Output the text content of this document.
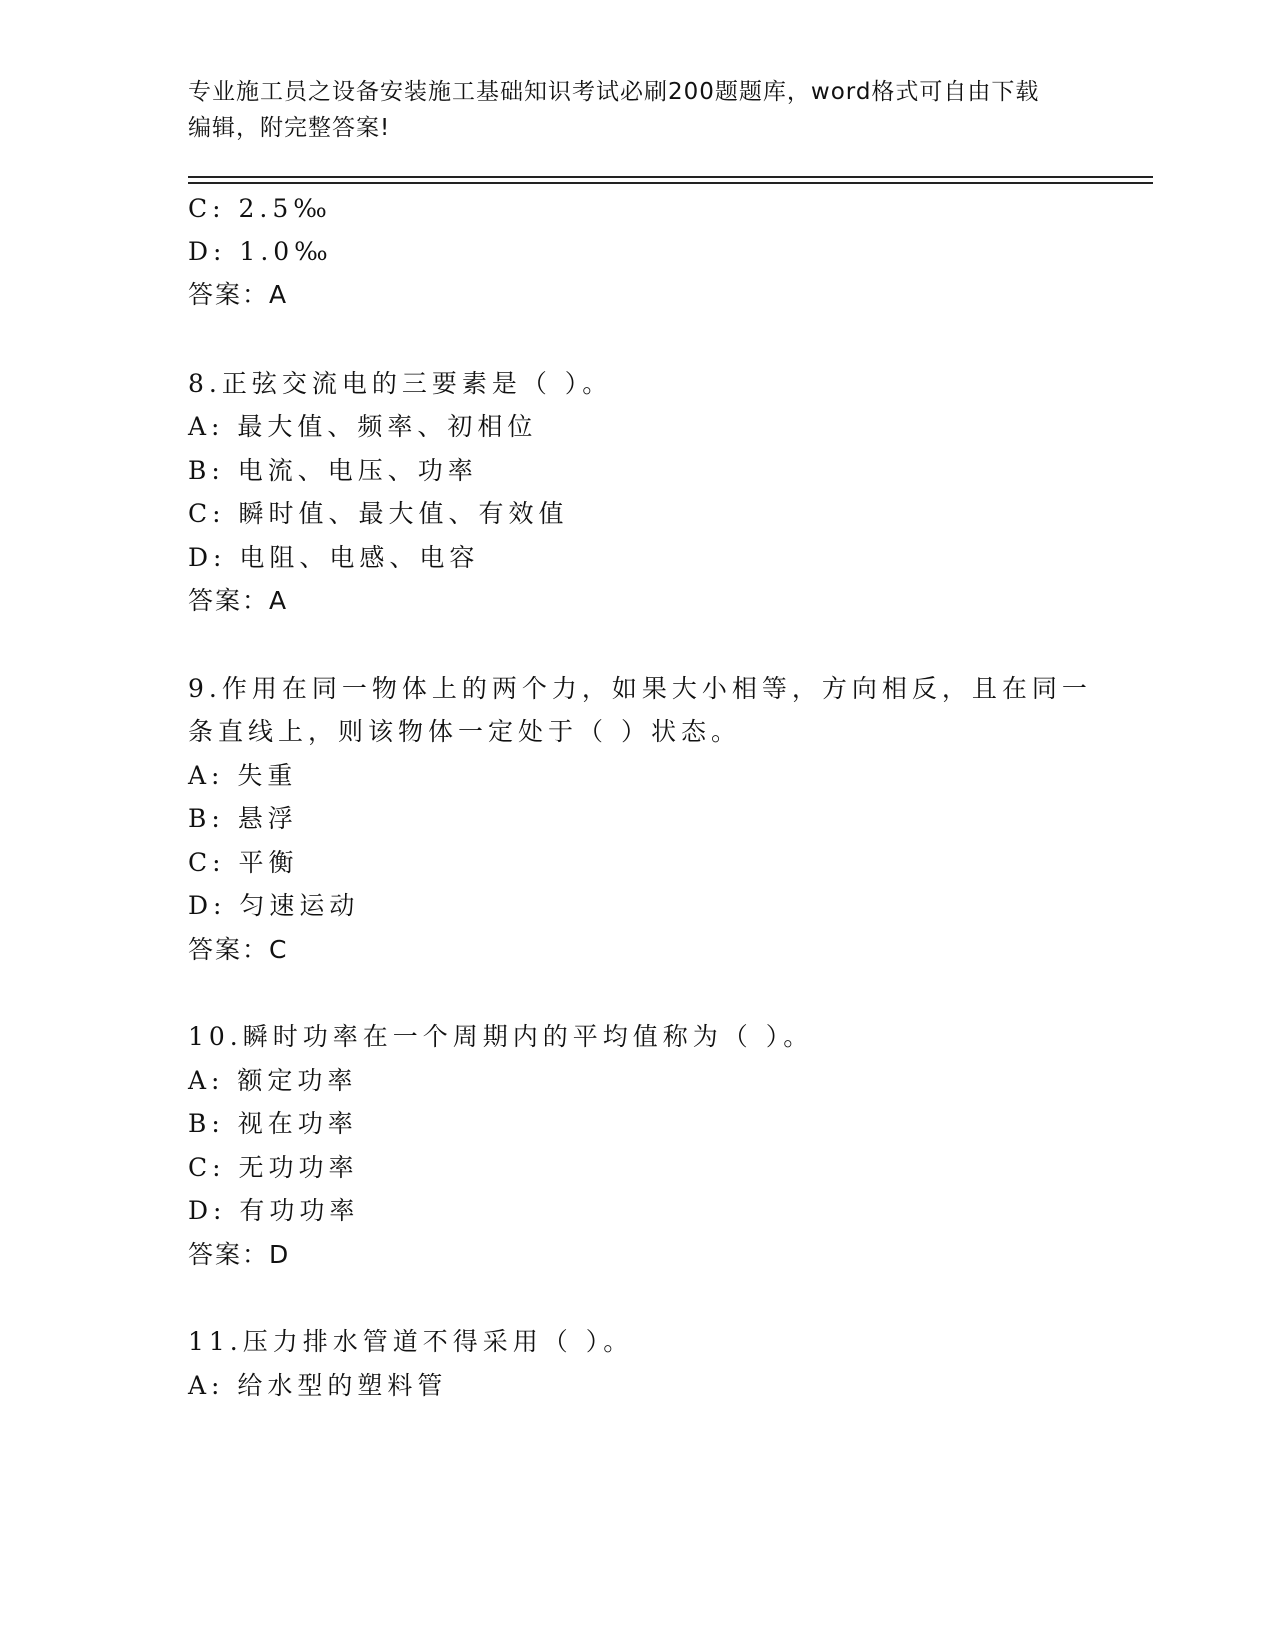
专业施工员之设备安装施工基础知识考试必刷200题题库，word格式可自由下载
编辑，附完整答案!
C: 2.5‰
D: 1.0‰
答案：A
8.正弦交流电的三要素是（ ）。
A: 最大值、频率、初相位
B: 电流、电压、功率
C: 瞬时值、最大值、有效值
D: 电阻、电感、电容
答案：A
9.作用在同一物体上的两个力，如果大小相等，方向相反，且在同一
条直线上，则该物体一定处于（ ）状态。
A: 失重
B: 悬浮
C: 平衡
D: 匀速运动
答案：C
10.瞬时功率在一个周期内的平均值称为（ ）。
A: 额定功率
B: 视在功率
C: 无功功率
D: 有功功率
答案：D
11.压力排水管道不得采用（ ）。
A: 给水型的塑料管
